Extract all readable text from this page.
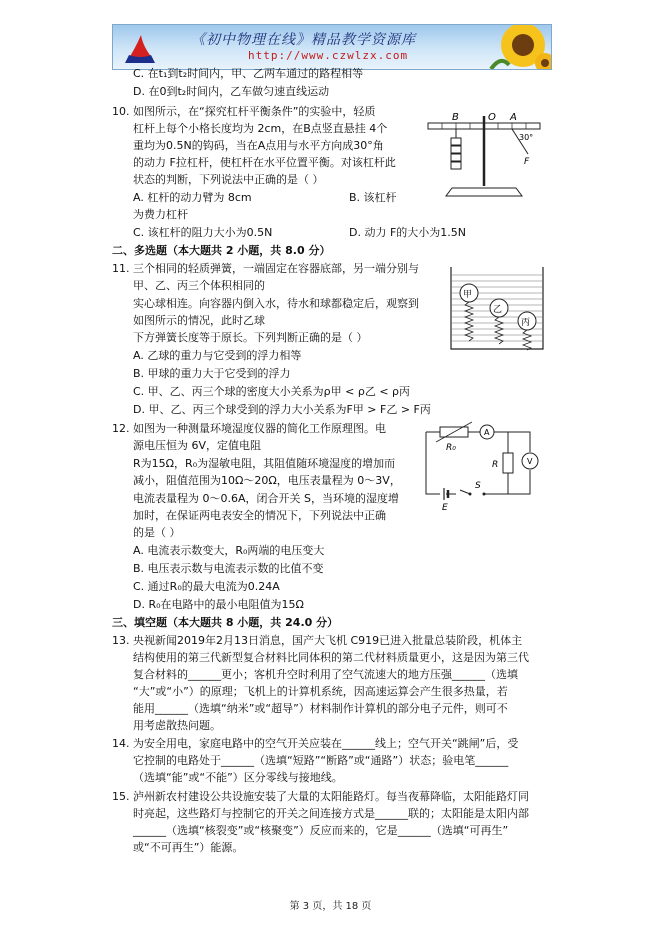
《初中物理在线》精品教学资源库
http://www.czwlzx.com
C. 在t₁到t₂时间内，甲、乙两车通过的路程相等
D. 在0到t₂时间内，乙车做匀速直线运动
10. 如图所示，在“探究杠杆平衡条件”的实验中，轻质
杠杆上每个小格长度均为 2cm，在B点竖直悬挂 4个
重均为0.5N的钩码，当在A点用与水平方向成30°角
的动力 F拉杠杆，使杠杆在水平位置平衡。对该杠杆此
状态的判断，下列说法中正确的是（ ）
A. 杠杆的动力臂为 8cm	B. 该杠杆
为费力杠杆
C. 该杠杆的阻力大小为0.5N	D. 动力 F的大小为1.5N
二、多选题（本大题共 2 小题，共 8.0 分）
11. 三个相同的轻质弹簧，一端固定在容器底部，另一端分别与
甲、乙、丙三个体积相同的
实心球相连。向容器内倒入水，待水和球都稳定后，观察到
如图所示的情况，此时乙球
下方弹簧长度等于原长。下列判断正确的是（ ）
A. 乙球的重力与它受到的浮力相等
B. 甲球的重力大于它受到的浮力
C. 甲、乙、丙三个球的密度大小关系为ρ甲 < ρ乙 < ρ丙
D. 甲、乙、丙三个球受到的浮力大小关系为F甲 > F乙 > F丙
12. 如图为一种测量环境湿度仪器的简化工作原理图。电
源电压恒为 6V，定值电阻
R为15Ω，R₀为湿敏电阻，其阻值随环境湿度的增加而
减小，阻值范围为10Ω～20Ω，电压表量程为 0～3V，
电流表量程为 0～0.6A，闭合开关 S，当环境的湿度增
加时，在保证两电表安全的情况下，下列说法中正确
的是（ ）
A. 电流表示数变大，R₀两端的电压变大
B. 电压表示数与电流表示数的比值不变
C. 通过R₀的最大电流为0.24A
D. R₀在电路中的最小电阻值为15Ω
三、填空题（本大题共 8 小题，共 24.0 分）
13. 央视新闻2019年2月13日消息，国产大飞机 C919已进入批量总装阶段，机体主
结构使用的第三代新型复合材料比同体积的第二代材料质量更小，这是因为第三代
复合材料的______更小；客机升空时利用了空气流速大的地方压强______（选填
“大”或“小”）的原理；飞机上的计算机系统，因高速运算会产生很多热量，若
能用______（选填“纳米”或“超导”）材料制作计算机的部分电子元件，则可不
用考虑散热问题。
14. 为安全用电，家庭电路中的空气开关应装在______线上；空气开关“跳闸”后，受
它控制的电路处于______（选填“短路”“断路”或“通路”）状态；验电笔______
（选填“能”或“不能”）区分零线与接地线。
15. 泸州新农村建设公共设施安装了大量的太阳能路灯。每当夜幕降临，太阳能路灯同
时亮起，这些路灯与控制它的开关之间连接方式是______联的；太阳能是太阳内部
______（选填“核裂变”或“核聚变”）反应而来的，它是______（选填“可再生”
或“不可再生”）能源。
B	O A
30°
F
甲
乙
丙
R₀
A
R	V
E
S
第 3 页，共 18 页
